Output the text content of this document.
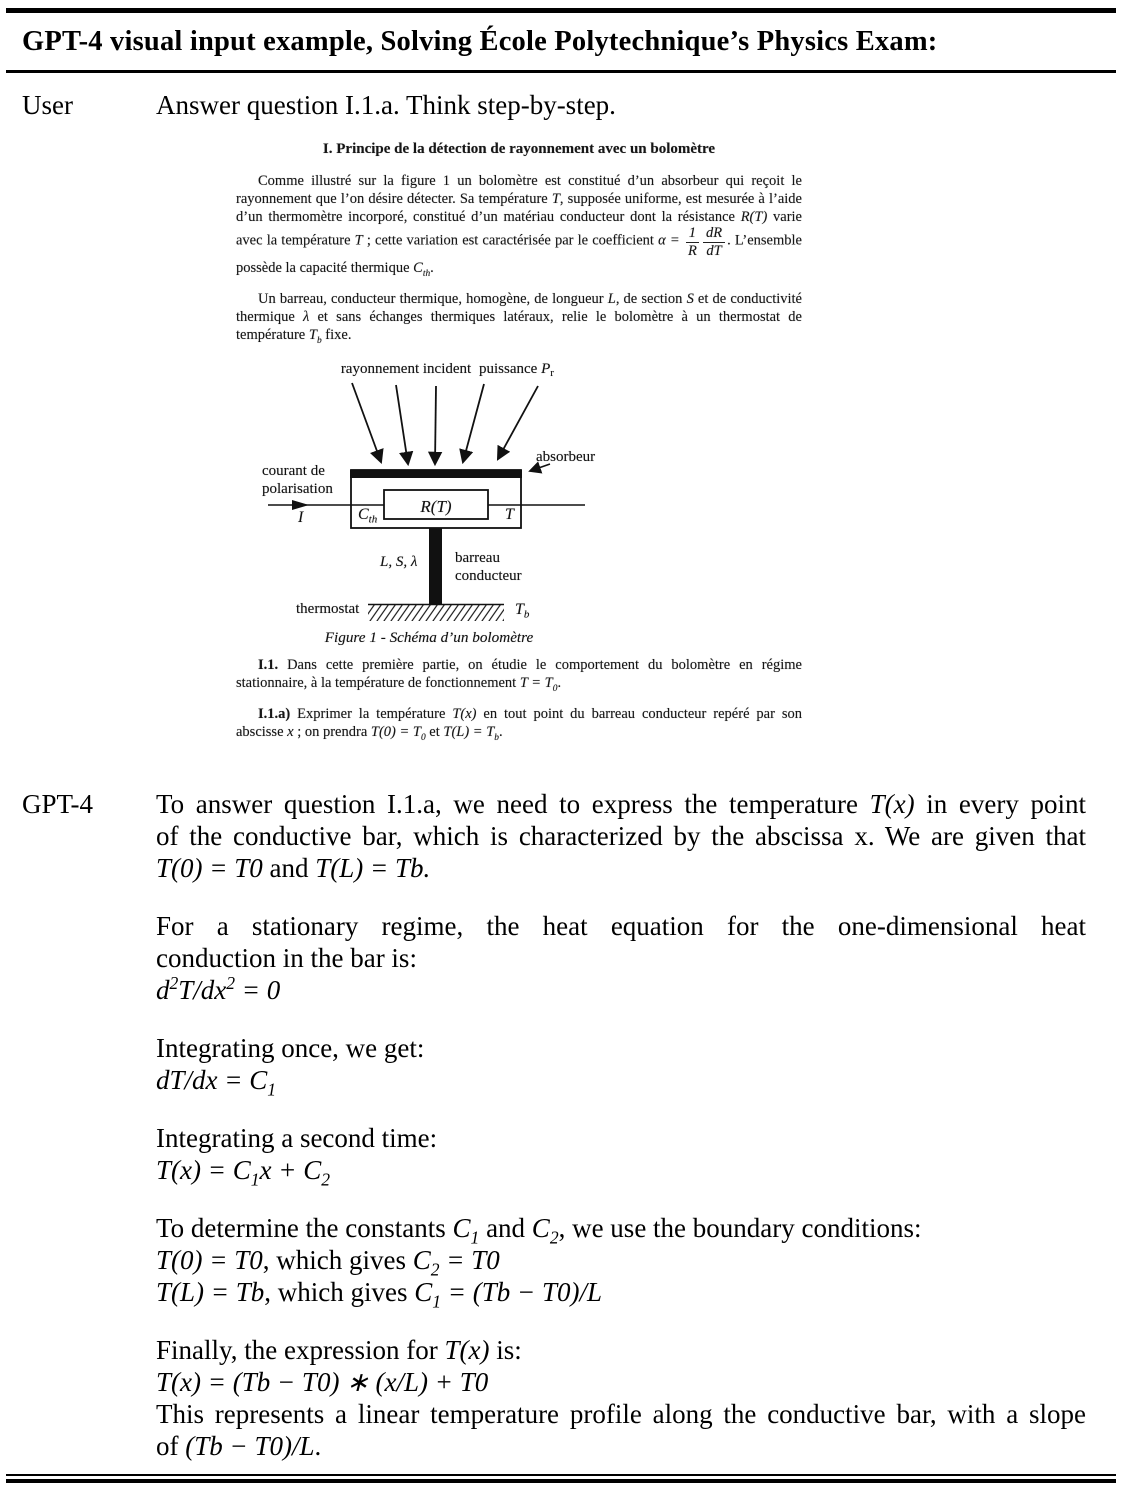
GPT-4 visual input example, Solving École Polytechnique’s Physics Exam:
User	Answer question I.1.a. Think step-by-step.
I. Principe de la détection de rayonnement avec un bolomètre

Comme illustré sur la figure 1 un bolomètre est constitué d’un absorbeur qui reçoit le rayonnement que l’on désire détecter. Sa température T, supposée uniforme, est mesurée à l’aide d’un thermomètre incorporé, constitué d’un matériau conducteur dont la résistance R(T) varie avec la température T ; cette variation est caractérisée par le coefficient $\alpha = \frac{1}{R} \frac{dR}{dT}$ . L’ensemble possède la capacité thermique $C_{th}$.

Un barreau, conducteur thermique, homogène, de longueur L, de section S et de conductivité thermique λ et sans échanges thermiques latéraux, relie le bolomètre à un thermostat de température $T_b$ fixe.

rayonnement incident puissance $P_r$
absorbeur
courant de
polarisation
I
R(T)
$C_{th}$	T
L, S, λ	barreau
conducteur
thermostat	$T_b$
Figure 1 - Schéma d’un bolomètre

I.1. Dans cette première partie, on étudie le comportement du bolomètre en régime stationnaire, à la température de fonctionnement $T = T_0$.

I.1.a) Exprimer la température T(x) en tout point du barreau conducteur repéré par son abscisse x ; on prendra $T(0) = T_0$ et $T(L) = T_b$.

GPT-4	To answer question I.1.a, we need to express the temperature T(x) in every point
of the conductive bar, which is characterized by the abscissa x. We are given that
T(0) = T0 and T(L) = Tb.
For a stationary regime, the heat equation for the one-dimensional heat
conduction in the bar is:
$d^2T/dx^2 = 0$
Integrating once, we get:
$dT/dx = C_1$
Integrating a second time:
$T(x) = C_1x + C_2$
To determine the constants $C_1$ and $C_2$, we use the boundary conditions:
T(0) = T0, which gives $C_2 = T0$
T(L) = Tb, which gives $C_1 = (Tb - T0)/L$
Finally, the expression for T(x) is:
T(x) = (Tb − T0) ∗ (x/L) + T0
This represents a linear temperature profile along the conductive bar, with a slope
of (Tb − T0)/L.
